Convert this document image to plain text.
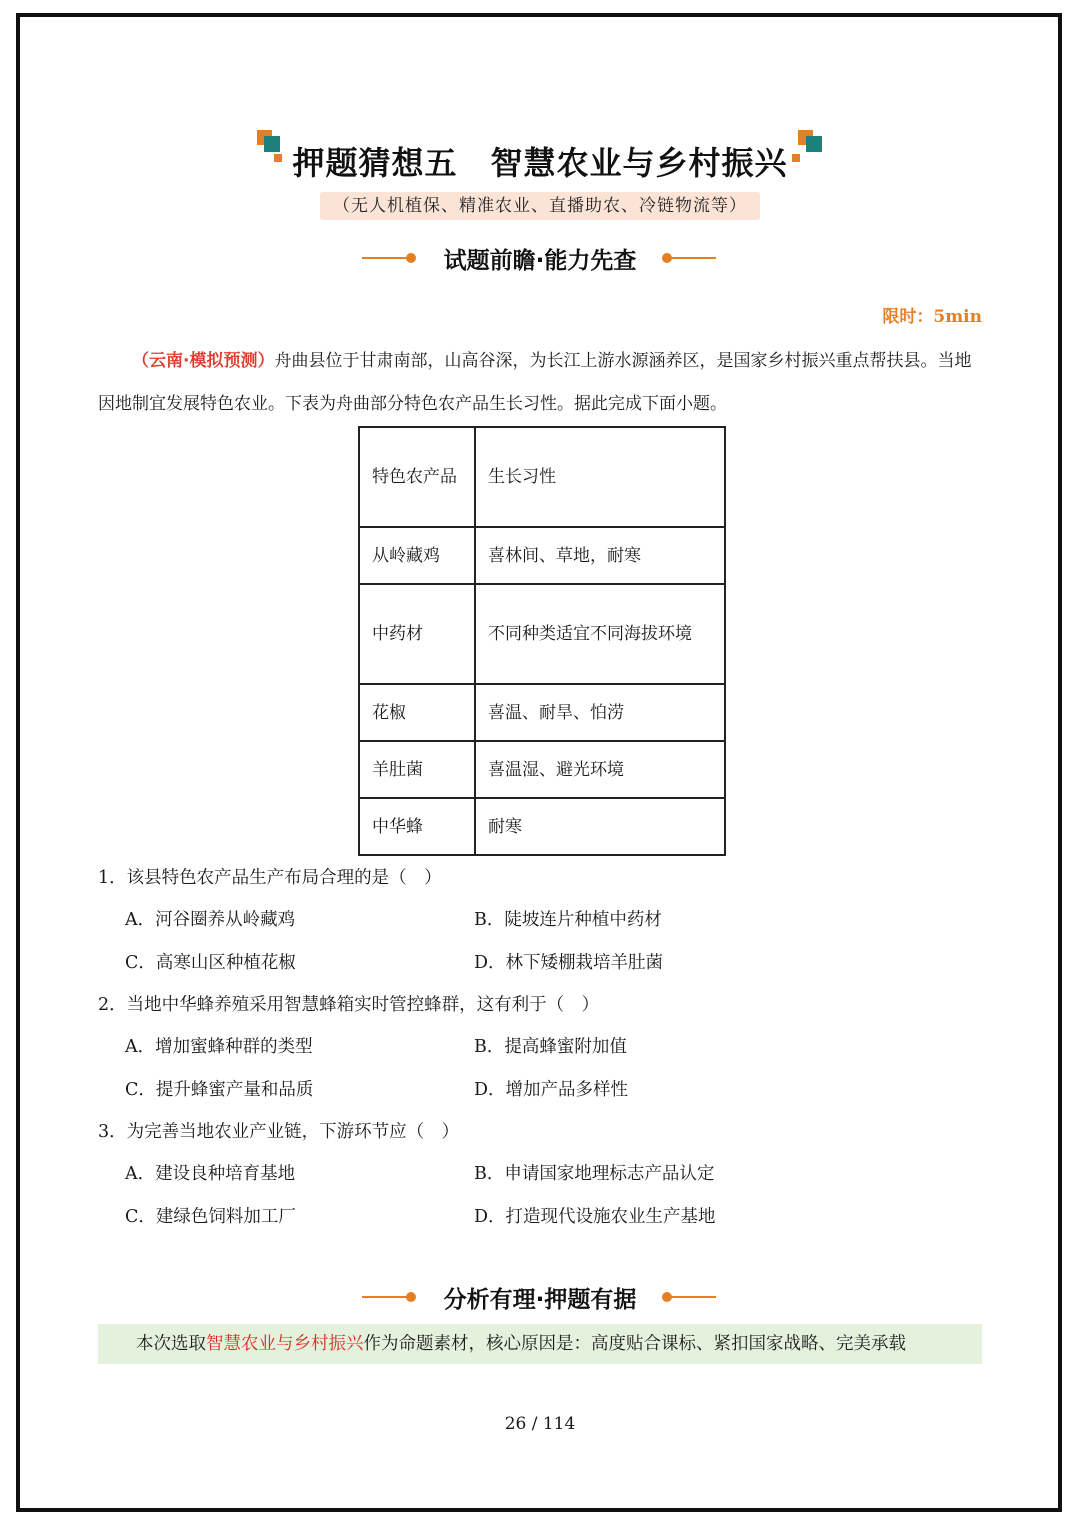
押题猜想五　智慧农业与乡村振兴
（无人机植保、精准农业、直播助农、冷链物流等）
试题前瞻·能力先查
限时：5min
（云南·模拟预测）舟曲县位于甘肃南部，山高谷深，为长江上游水源涵养区，是国家乡村振兴重点帮扶县。当地因地制宜发展特色农业。下表为舟曲部分特色农产品生长习性。据此完成下面小题。
特色农产品	生长习性
从岭藏鸡	喜林间、草地，耐寒
中药材	不同种类适宜不同海拔环境
花椒	喜温、耐旱、怕涝
羊肚菌	喜温湿、避光环境
中华蜂	耐寒
1．该县特色农产品生产布局合理的是（　）
A．河谷圈养从岭藏鸡	B．陡坡连片种植中药材
C．高寒山区种植花椒	D．林下矮棚栽培羊肚菌
2．当地中华蜂养殖采用智慧蜂箱实时管控蜂群，这有利于（　）
A．增加蜜蜂种群的类型	B．提高蜂蜜附加值
C．提升蜂蜜产量和品质	D．增加产品多样性
3．为完善当地农业产业链，下游环节应（　）
A．建设良种培育基地	B．申请国家地理标志产品认定
C．建绿色饲料加工厂	D．打造现代设施农业生产基地
分析有理·押题有据
本次选取智慧农业与乡村振兴作为命题素材，核心原因是：高度贴合课标、紧扣国家战略、完美承载
26 / 114
